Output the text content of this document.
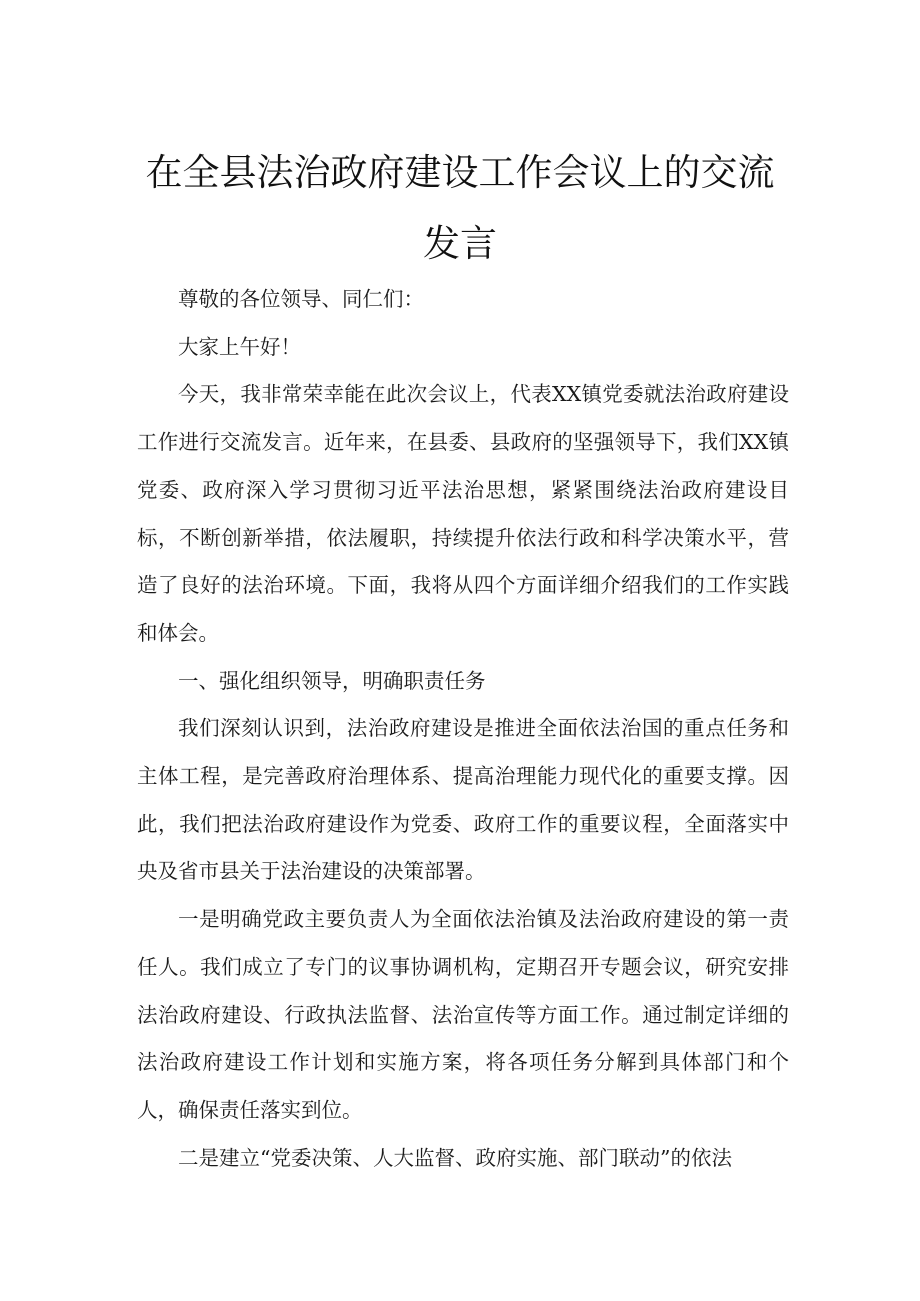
在全县法治政府建设工作会议上的交流
发言

尊敬的各位领导、同仁们：

大家上午好！

今天，我非常荣幸能在此次会议上，代表XX镇党委就法治政府建设工作进行交流发言。近年来，在县委、县政府的坚强领导下，我们XX镇党委、政府深入学习贯彻习近平法治思想，紧紧围绕法治政府建设目标，不断创新举措，依法履职，持续提升依法行政和科学决策水平，营造了良好的法治环境。下面，我将从四个方面详细介绍我们的工作实践和体会。

一、强化组织领导，明确职责任务

我们深刻认识到，法治政府建设是推进全面依法治国的重点任务和主体工程，是完善政府治理体系、提高治理能力现代化的重要支撑。因此，我们把法治政府建设作为党委、政府工作的重要议程，全面落实中央及省市县关于法治建设的决策部署。

一是明确党政主要负责人为全面依法治镇及法治政府建设的第一责任人。我们成立了专门的议事协调机构，定期召开专题会议，研究安排法治政府建设、行政执法监督、法治宣传等方面工作。通过制定详细的法治政府建设工作计划和实施方案，将各项任务分解到具体部门和个人，确保责任落实到位。

二是建立“党委决策、人大监督、政府实施、部门联动”的依法
